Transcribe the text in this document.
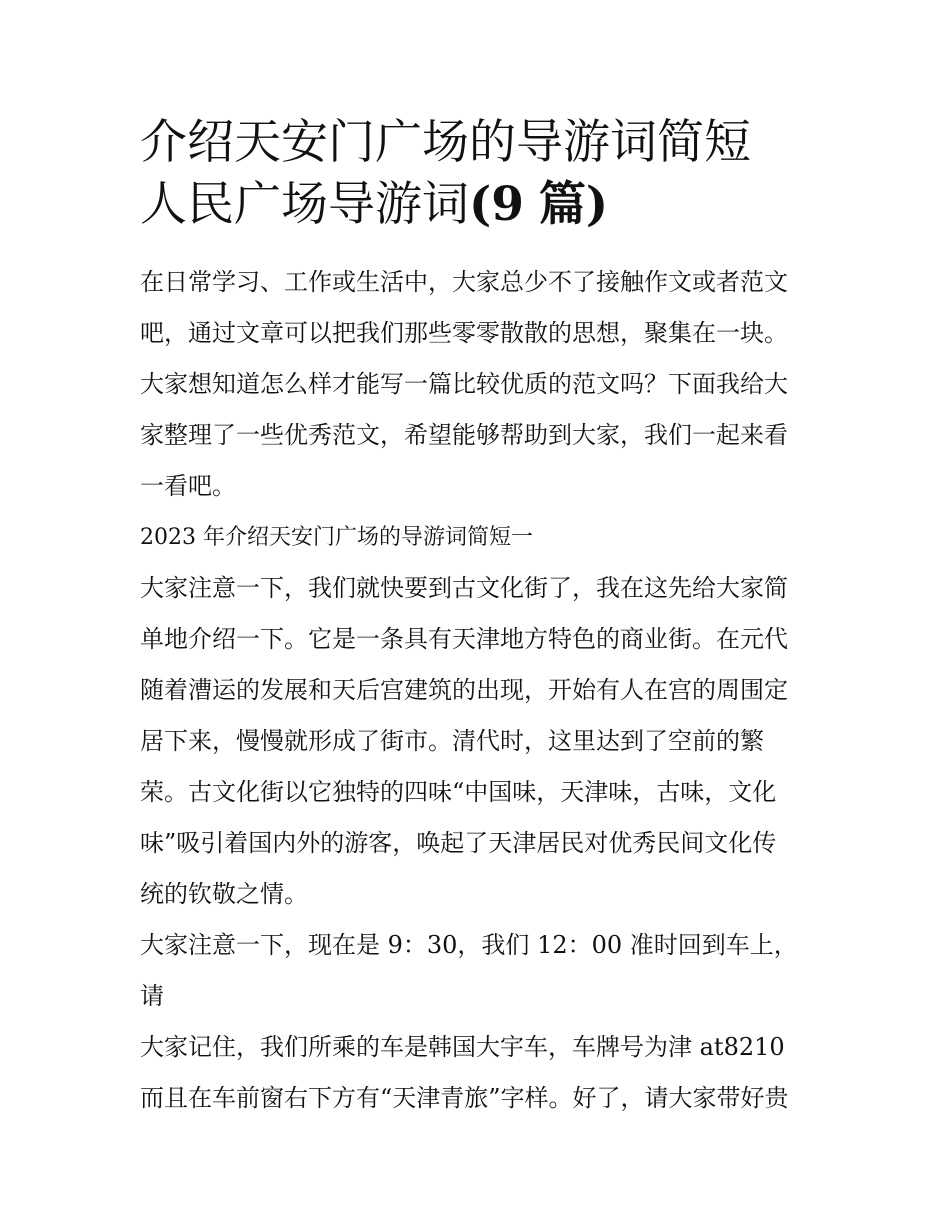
介绍天安门广场的导游词简短
人民广场导游词(9 篇)

在日常学习、工作或生活中，大家总少不了接触作文或者范文

吧，通过文章可以把我们那些零零散散的思想，聚集在一块。

大家想知道怎么样才能写一篇比较优质的范文吗？下面我给大

家整理了一些优秀范文，希望能够帮助到大家，我们一起来看

一看吧。

2023 年介绍天安门广场的导游词简短一

大家注意一下，我们就快要到古文化街了，我在这先给大家简

单地介绍一下。它是一条具有天津地方特色的商业街。在元代

随着漕运的发展和天后宫建筑的出现，开始有人在宫的周围定

居下来，慢慢就形成了街市。清代时，这里达到了空前的繁

荣。古文化街以它独特的四味“中国味，天津味，古味，文化

味”吸引着国内外的游客，唤起了天津居民对优秀民间文化传

统的钦敬之情。

大家注意一下，现在是 9：30，我们 12：00 准时回到车上，请

大家记住，我们所乘的车是韩国大宇车，车牌号为津 at8210

而且在车前窗右下方有“天津青旅”字样。好了，请大家带好贵
